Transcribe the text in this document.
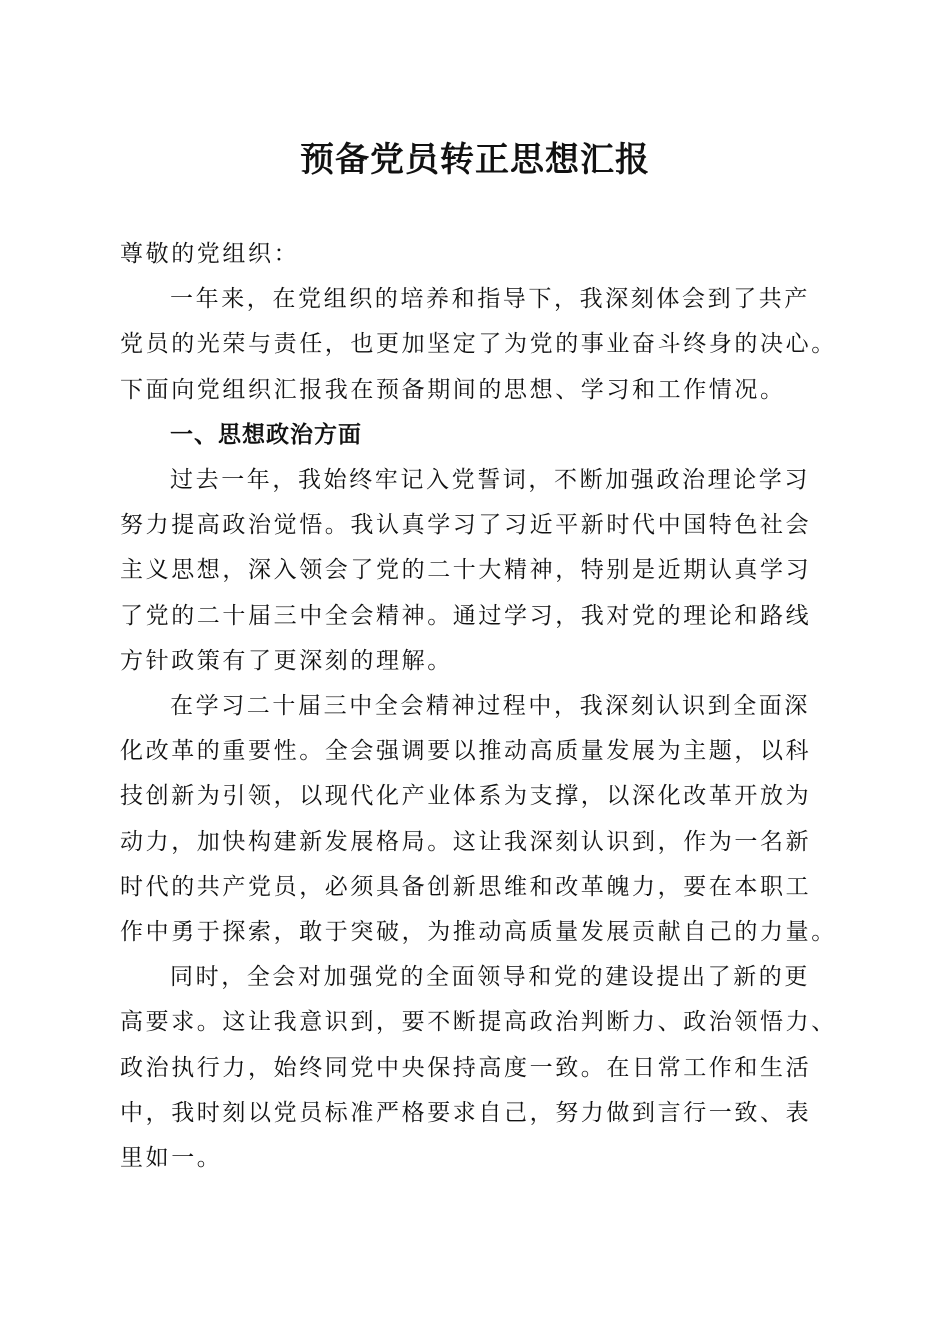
预备党员转正思想汇报

尊敬的党组织：

一年来，在党组织的培养和指导下，我深刻体会到了共产
党员的光荣与责任，也更加坚定了为党的事业奋斗终身的决心。
下面向党组织汇报我在预备期间的思想、学习和工作情况。

一、思想政治方面

过去一年，我始终牢记入党誓词，不断加强政治理论学习
努力提高政治觉悟。我认真学习了习近平新时代中国特色社会
主义思想，深入领会了党的二十大精神，特别是近期认真学习
了党的二十届三中全会精神。通过学习，我对党的理论和路线
方针政策有了更深刻的理解。

在学习二十届三中全会精神过程中，我深刻认识到全面深
化改革的重要性。全会强调要以推动高质量发展为主题，以科
技创新为引领，以现代化产业体系为支撑，以深化改革开放为
动力，加快构建新发展格局。这让我深刻认识到，作为一名新
时代的共产党员，必须具备创新思维和改革魄力，要在本职工
作中勇于探索，敢于突破，为推动高质量发展贡献自己的力量。

同时，全会对加强党的全面领导和党的建设提出了新的更
高要求。这让我意识到，要不断提高政治判断力、政治领悟力、
政治执行力，始终同党中央保持高度一致。在日常工作和生活
中，我时刻以党员标准严格要求自己，努力做到言行一致、表
里如一。
